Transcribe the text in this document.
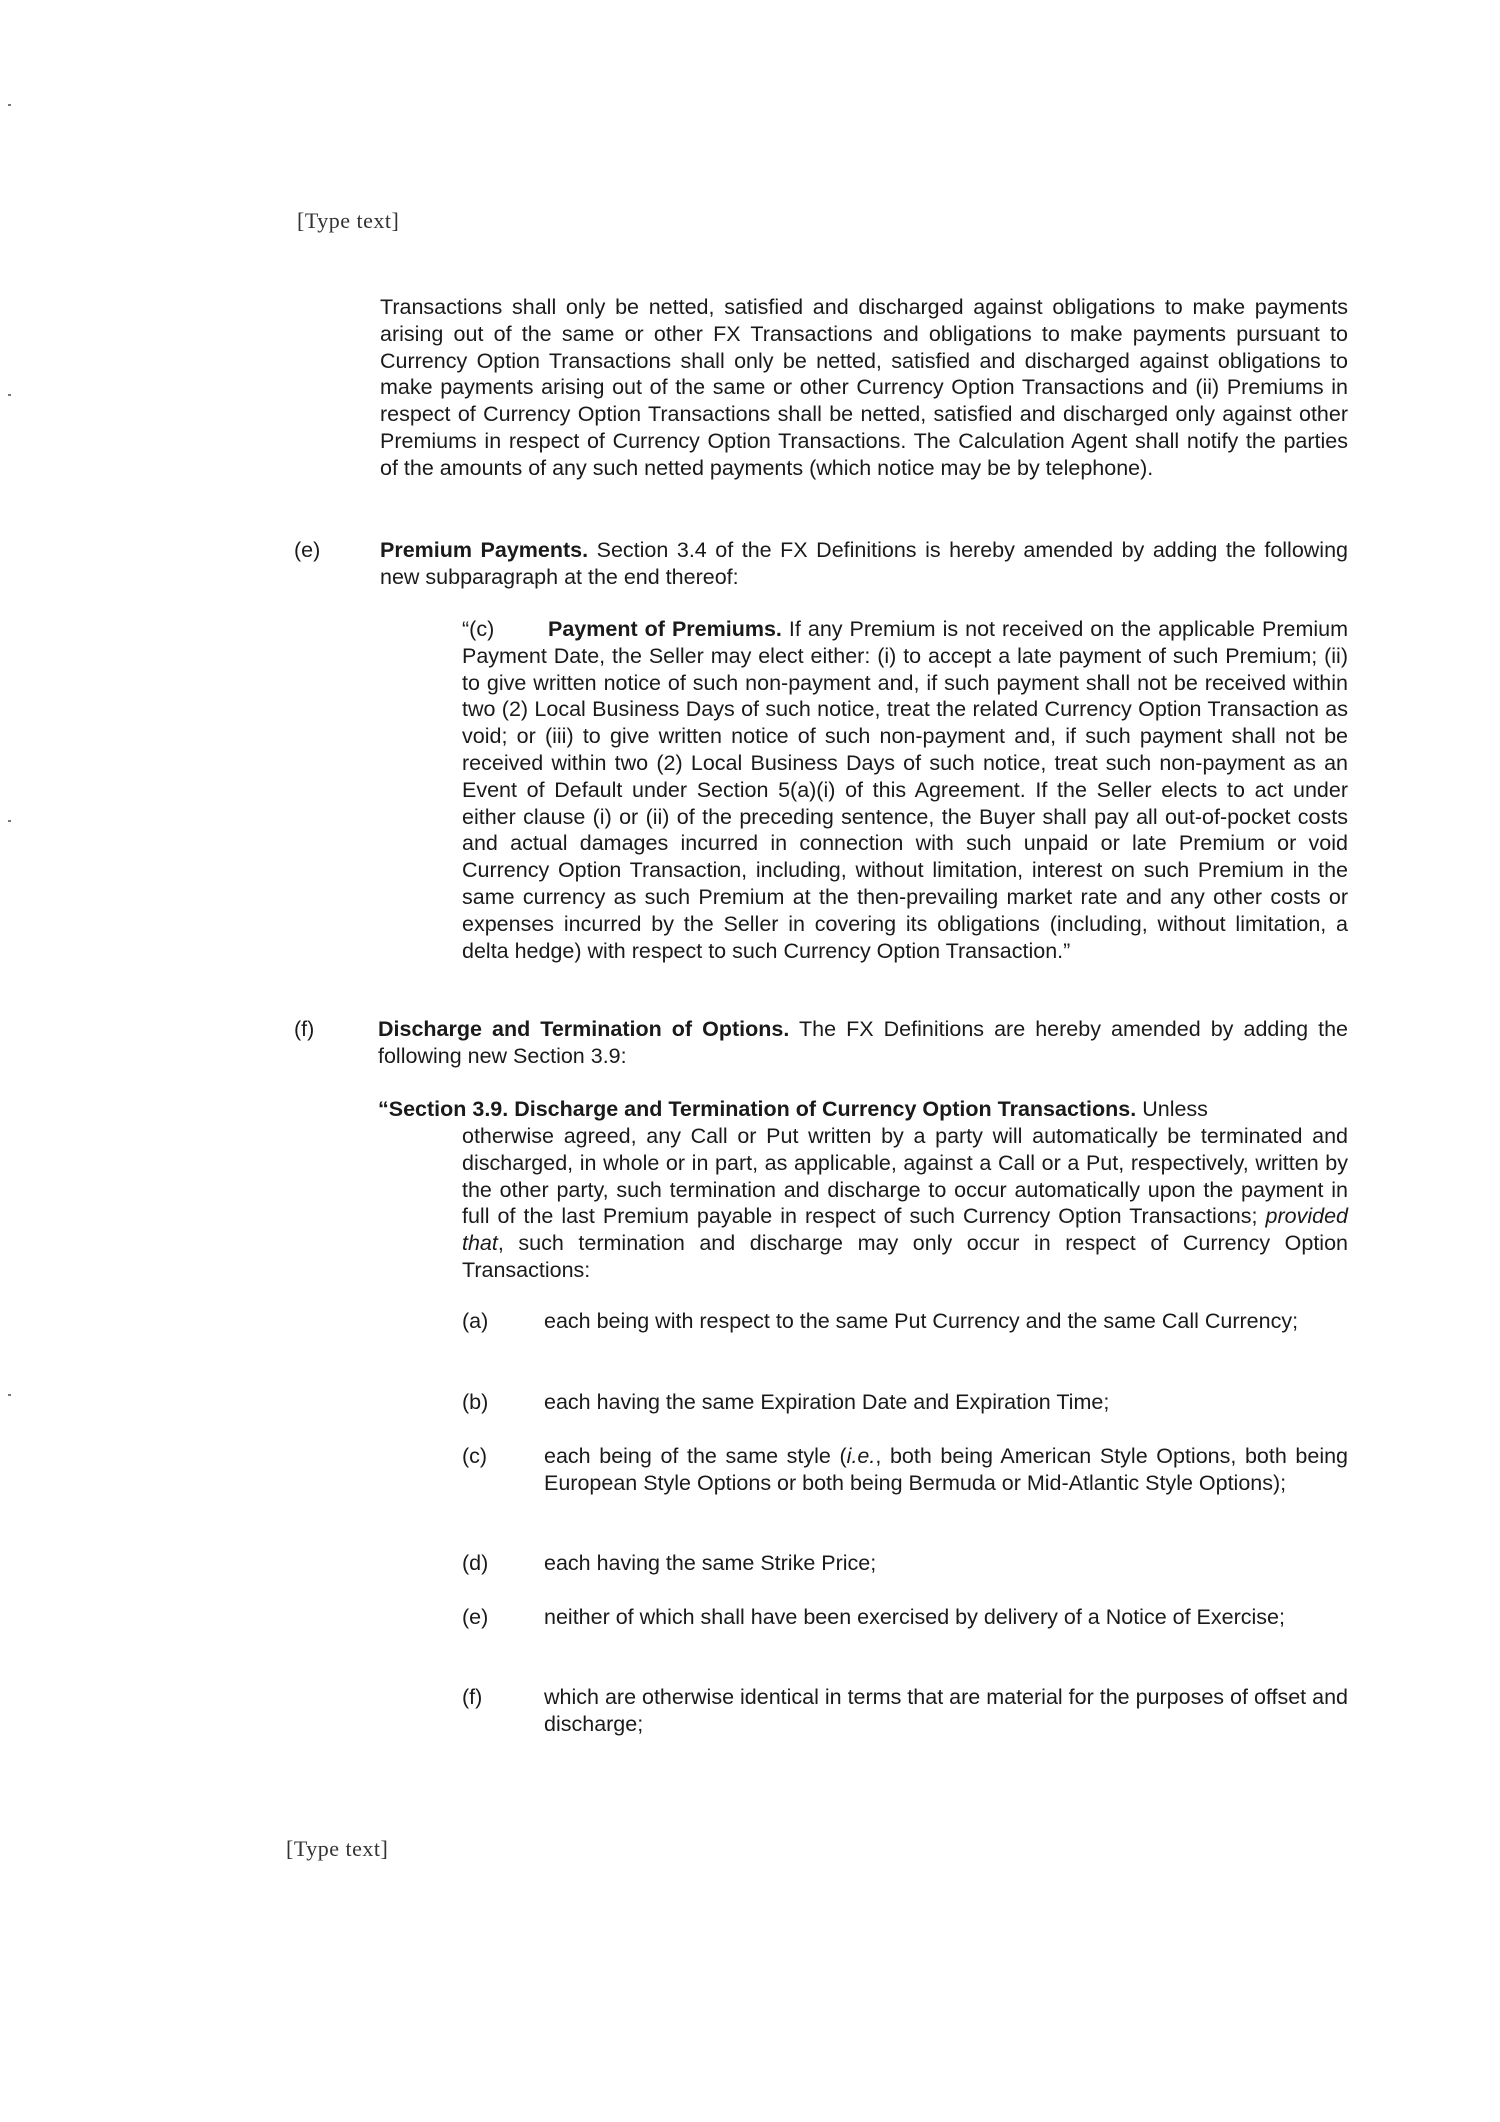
[Type text]

Transactions shall only be netted, satisfied and discharged against obligations to make payments arising out of the same or other FX Transactions and obligations to make payments pursuant to Currency Option Transactions shall only be netted, satisfied and discharged against obligations to make payments arising out of the same or other Currency Option Transactions and (ii) Premiums in respect of Currency Option Transactions shall be netted, satisfied and discharged only against other Premiums in respect of Currency Option Transactions. The Calculation Agent shall notify the parties of the amounts of any such netted payments (which notice may be by telephone).

(e)	Premium Payments. Section 3.4 of the FX Definitions is hereby amended by adding the following new subparagraph at the end thereof:

“(c)	Payment of Premiums. If any Premium is not received on the applicable Premium Payment Date, the Seller may elect either: (i) to accept a late payment of such Premium; (ii) to give written notice of such non-payment and, if such payment shall not be received within two (2) Local Business Days of such notice, treat the related Currency Option Transaction as void; or (iii) to give written notice of such non-payment and, if such payment shall not be received within two (2) Local Business Days of such notice, treat such non-payment as an Event of Default under Section 5(a)(i) of this Agreement. If the Seller elects to act under either clause (i) or (ii) of the preceding sentence, the Buyer shall pay all out-of-pocket costs and actual damages incurred in connection with such unpaid or late Premium or void Currency Option Transaction, including, without limitation, interest on such Premium in the same currency as such Premium at the then-prevailing market rate and any other costs or expenses incurred by the Seller in covering its obligations (including, without limitation, a delta hedge) with respect to such Currency Option Transaction.”

(f)	Discharge and Termination of Options. The FX Definitions are hereby amended by adding the following new Section 3.9:

“Section 3.9. Discharge and Termination of Currency Option Transactions. Unless

otherwise agreed, any Call or Put written by a party will automatically be terminated and discharged, in whole or in part, as applicable, against a Call or a Put, respectively, written by the other party, such termination and discharge to occur automatically upon the payment in full of the last Premium payable in respect of such Currency Option Transactions; provided that, such termination and discharge may only occur in respect of Currency Option Transactions:

(a)	each being with respect to the same Put Currency and the same Call Currency;
(b)	each having the same Expiration Date and Expiration Time;
(c)	each being of the same style (i.e., both being American Style Options, both being European Style Options or both being Bermuda or Mid-Atlantic Style Options);
(d)	each having the same Strike Price;
(e)	neither of which shall have been exercised by delivery of a Notice of Exercise;
(f)	which are otherwise identical in terms that are material for the purposes of offset and discharge;
[Type text]
